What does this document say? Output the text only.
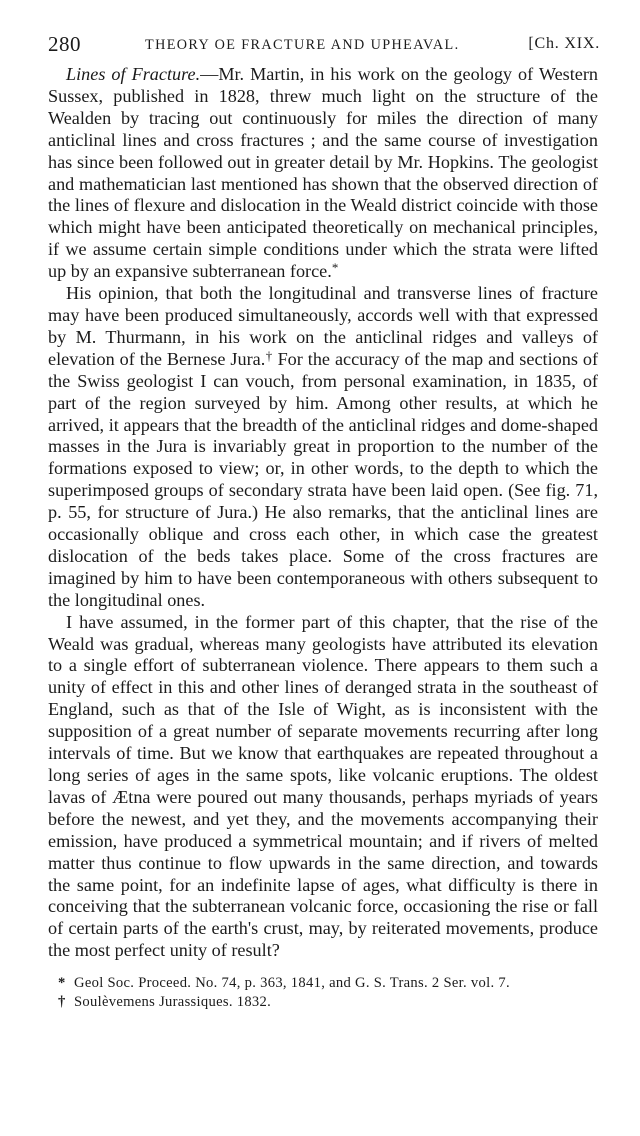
280	THEORY OE FRACTURE AND UPHEAVAL.	[Ch. XIX.

Lines of Fracture.—Mr. Martin, in his work on the geology of Western Sussex, published in 1828, threw much light on the structure of the Wealden by tracing out continuously for miles the direction of many anticlinal lines and cross fractures ; and the same course of investigation has since been followed out in greater detail by Mr. Hopkins. The geologist and mathematician last mentioned has shown that the observed direction of the lines of flexure and dislocation in the Weald district coincide with those which might have been anticipated theoretically on mechanical principles, if we assume certain simple conditions under which the strata were lifted up by an expansive subterranean force.*

His opinion, that both the longitudinal and transverse lines of fracture may have been produced simultaneously, accords well with that expressed by M. Thurmann, in his work on the anticlinal ridges and valleys of elevation of the Bernese Jura.† For the accuracy of the map and sections of the Swiss geologist I can vouch, from personal examination, in 1835, of part of the region surveyed by him. Among other results, at which he arrived, it appears that the breadth of the anticlinal ridges and dome-shaped masses in the Jura is invariably great in proportion to the number of the formations exposed to view; or, in other words, to the depth to which the superimposed groups of secondary strata have been laid open. (See fig. 71, p. 55, for structure of Jura.) He also remarks, that the anticlinal lines are occasionally oblique and cross each other, in which case the greatest dislocation of the beds takes place. Some of the cross fractures are imagined by him to have been contemporaneous with others subsequent to the longitudinal ones.

I have assumed, in the former part of this chapter, that the rise of the Weald was gradual, whereas many geologists have attributed its elevation to a single effort of subterranean violence. There appears to them such a unity of effect in this and other lines of deranged strata in the southeast of England, such as that of the Isle of Wight, as is inconsistent with the supposition of a great number of separate movements recurring after long intervals of time. But we know that earthquakes are repeated throughout a long series of ages in the same spots, like volcanic eruptions. The oldest lavas of Ætna were poured out many thousands, perhaps myriads of years before the newest, and yet they, and the movements accompanying their emission, have produced a symmetrical mountain; and if rivers of melted matter thus continue to flow upwards in the same direction, and towards the same point, for an indefinite lapse of ages, what difficulty is there in conceiving that the subterranean volcanic force, occasioning the rise or fall of certain parts of the earth's crust, may, by reiterated movements, produce the most perfect unity of result?

* Geol Soc. Proceed. No. 74, p. 363, 1841, and G. S. Trans. 2 Ser. vol. 7.

† Soulèvemens Jurassiques. 1832.
